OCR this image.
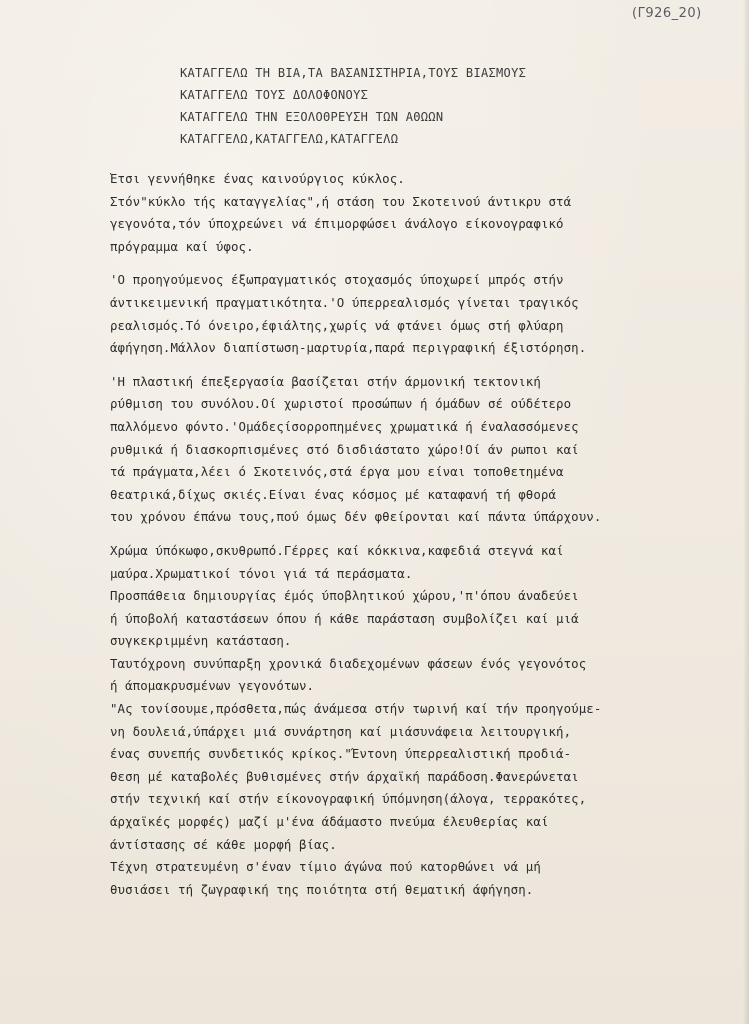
(Γ926_20)
ΚΑΤΑΓΓΕΛΩ ΤΗ ΒΙΑ,ΤΑ ΒΑΣΑΝΙΣΤΗΡΙΑ,ΤΟΥΣ ΒΙΑΣΜΟΥΣ
ΚΑΤΑΓΓΕΛΩ ΤΟΥΣ ΔΟΛΟΦΟΝΟΥΣ
ΚΑΤΑΓΓΕΛΩ ΤΗΝ ΕΞΟΛΟΘΡΕΥΣΗ ΤΩΝ ΑΘΩΩΝ
ΚΑΤΑΓΓΕΛΩ,ΚΑΤΑΓΓΕΛΩ,ΚΑΤΑΓΓΕΛΩ
Έτσι γεννήθηκε ένας καινούργιος κύκλος.
Στόν"κύκλο τής καταγγελίας",ή στάση του Σκοτεινού άντικρυ στά
γεγονότα,τόν ύποχρεώνει νά έπιμορφώσει άνάλογο είκονογραφικό
πρόγραμμα καί ύφος.
'Ο προηγούμενος έξωπραγματικός στοχασμός ύποχωρεί μπρός στήν
άντικειμενική πραγματικότητα.'Ο ύπερρεαλισμός γίνεται τραγικός
ρεαλισμός.Τό όνειρο,έφιάλτης,χωρίς νά φτάνει όμως στή φλύαρη
άφήγηση.Μάλλον διαπίστωση-μαρτυρία,παρά περιγραφική έξιστόρηση.
'Η πλαστική έπεξεργασία βασίζεται στήν άρμονική τεκτονική
ρύθμιση του συνόλου.Οί χωριστοί προσώπων ή όμάδων σέ ούδέτερο
παλλόμενο φόντο.'Ομάδεςίσορροπημένες χρωματικά ή έναλασσόμενες
ρυθμικά ή διασκορπισμένες στό δισδιάστατο χώρο!Οί άν ρωποι καί
τά πράγματα,λέει ό Σκοτεινός,στά έργα μου είναι τοποθετημένα
θεατρικά,δίχως σκιές.Είναι ένας κόσμος μέ καταφανή τή φθορά
του χρόνου έπάνω τους,πού όμως δέν φθείρονται καί πάντα ύπάρχουν.
Χρώμα ύπόκωφο,σκυθρωπό.Γέρρες καί κόκκινα,καφεδιά στεγνά καί
μαύρα.Χρωματικοί τόνοι γιά τά περάσματα.
Προσπάθεια δημιουργίας έμός ύποβλητικού χώρου,'π'όπου άναδεύει
ή ύποβολή καταστάσεων όπου ή κάθε παράσταση συμβολίζει καί μιά
συγκεκριμμένη κατάσταση.
Ταυτόχρονη συνύπαρξη χρονικά διαδεχομένων φάσεων ένός γεγονότος
ή άπομακρυσμένων γεγονότων.
"Ας τονίσουμε,πρόσθετα,πώς άνάμεσα στήν τωρινή καί τήν προηγούμε-
νη δουλειά,ύπάρχει μιά συνάρτηση καί μιάσυνάφεια λειτουργική,
ένας συνεπής συνδετικός κρίκος."Έντονη ύπερρεαλιστική προδιά-
θεση μέ καταβολές βυθισμένες στήν άρχαϊκή παράδοση.Φανερώνεται
στήν τεχνική καί στήν είκονογραφική ύπόμνηση(άλογα, τερρακότες,
άρχαϊκές μορφές) μαζί μ'ένα άδάμαστο πνεύμα έλευθερίας καί
άντίστασης σέ κάθε μορφή βίας.
Τέχνη στρατευμένη σ'έναν τίμιο άγώνα πού κατορθώνει νά μή
θυσιάσει τή ζωγραφική της ποιότητα στή θεματική άφήγηση.
